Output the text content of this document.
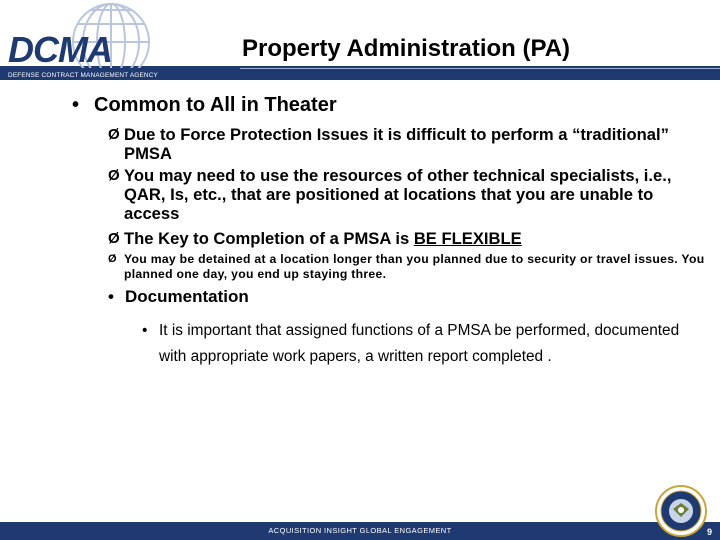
DCMA
DEFENSE CONTRACT MANAGEMENT AGENCY
Property Administration (PA)
• Common to All in Theater
Ø Due to Force Protection Issues it is difficult to perform a “traditional” PMSA
Ø You may need to use the resources of other technical specialists, i.e., QAR, Is, etc., that are positioned at locations that you are unable to access
Ø The Key to Completion of a PMSA is BE FLEXIBLE
Ø You may be detained at a location longer than you planned due to security or travel issues. You planned one day, you end up staying three.
• Documentation
• It is important that assigned functions of a PMSA be performed, documented with appropriate work papers, a written report completed .
ACQUISITION INSIGHT GLOBAL ENGAGEMENT	9
